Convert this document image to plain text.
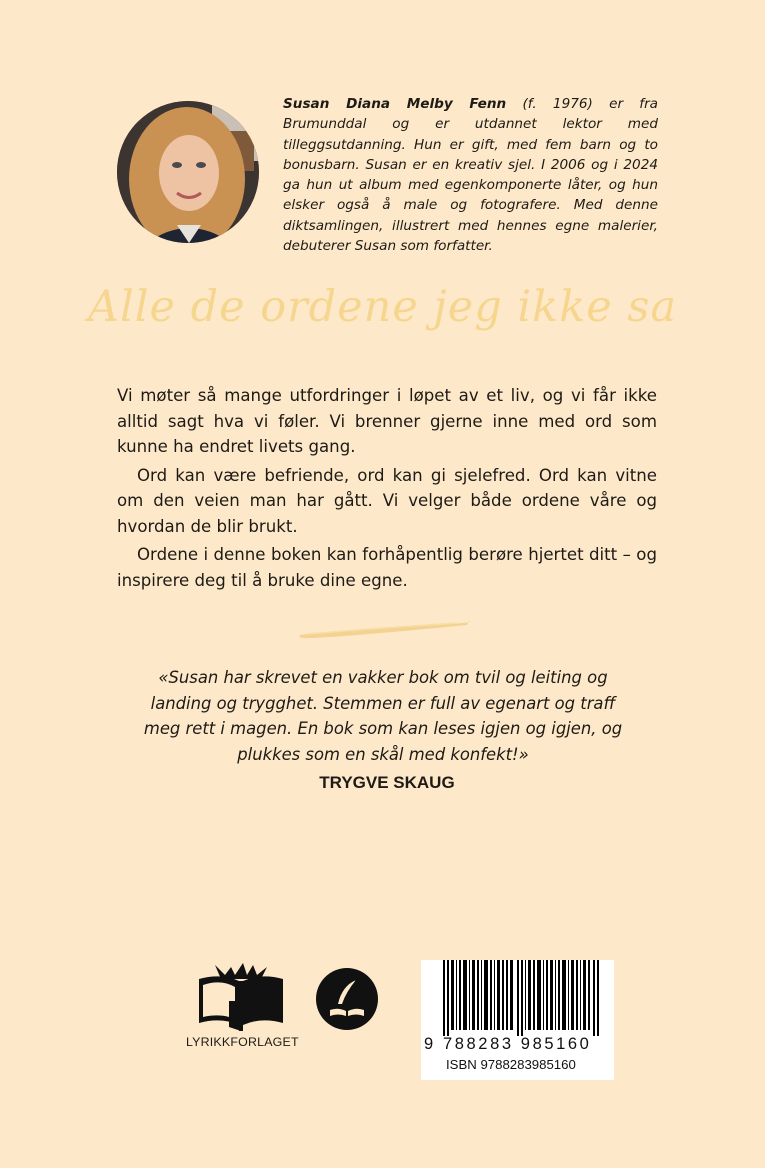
Susan Diana Melby Fenn (f. 1976) er fra Brumunddal og er utdannet lektor med tilleggsutdanning. Hun er gift, med fem barn og to bonusbarn. Susan er en kreativ sjel. I 2006 og i 2024 ga hun ut album med egenkomponerte låter, og hun elsker også å male og fotografere. Med denne diktsamlingen, illustrert med hennes egne malerier, debuterer Susan som forfatter.
Alle de ordene jeg ikke sa

Vi møter så mange utfordringer i løpet av et liv, og vi får ikke alltid sagt hva vi føler. Vi brenner gjerne inne med ord som kunne ha endret livets gang.

Ord kan være befriende, ord kan gi sjelefred. Ord kan vitne om den veien man har gått. Vi velger både ordene våre og hvordan de blir brukt.

Ordene i denne boken kan forhåpentlig berøre hjertet ditt – og inspirere deg til å bruke dine egne.

«Susan har skrevet en vakker bok om tvil og leiting og landing og trygghet. Stemmen er full av egenart og traff meg rett i magen. En bok som kan leses igjen og igjen, og plukkes som en skål med konfekt!»
TRYGVE SKAUG
LYRIKKFORLAGET	9 788283 985160
ISBN 9788283985160
